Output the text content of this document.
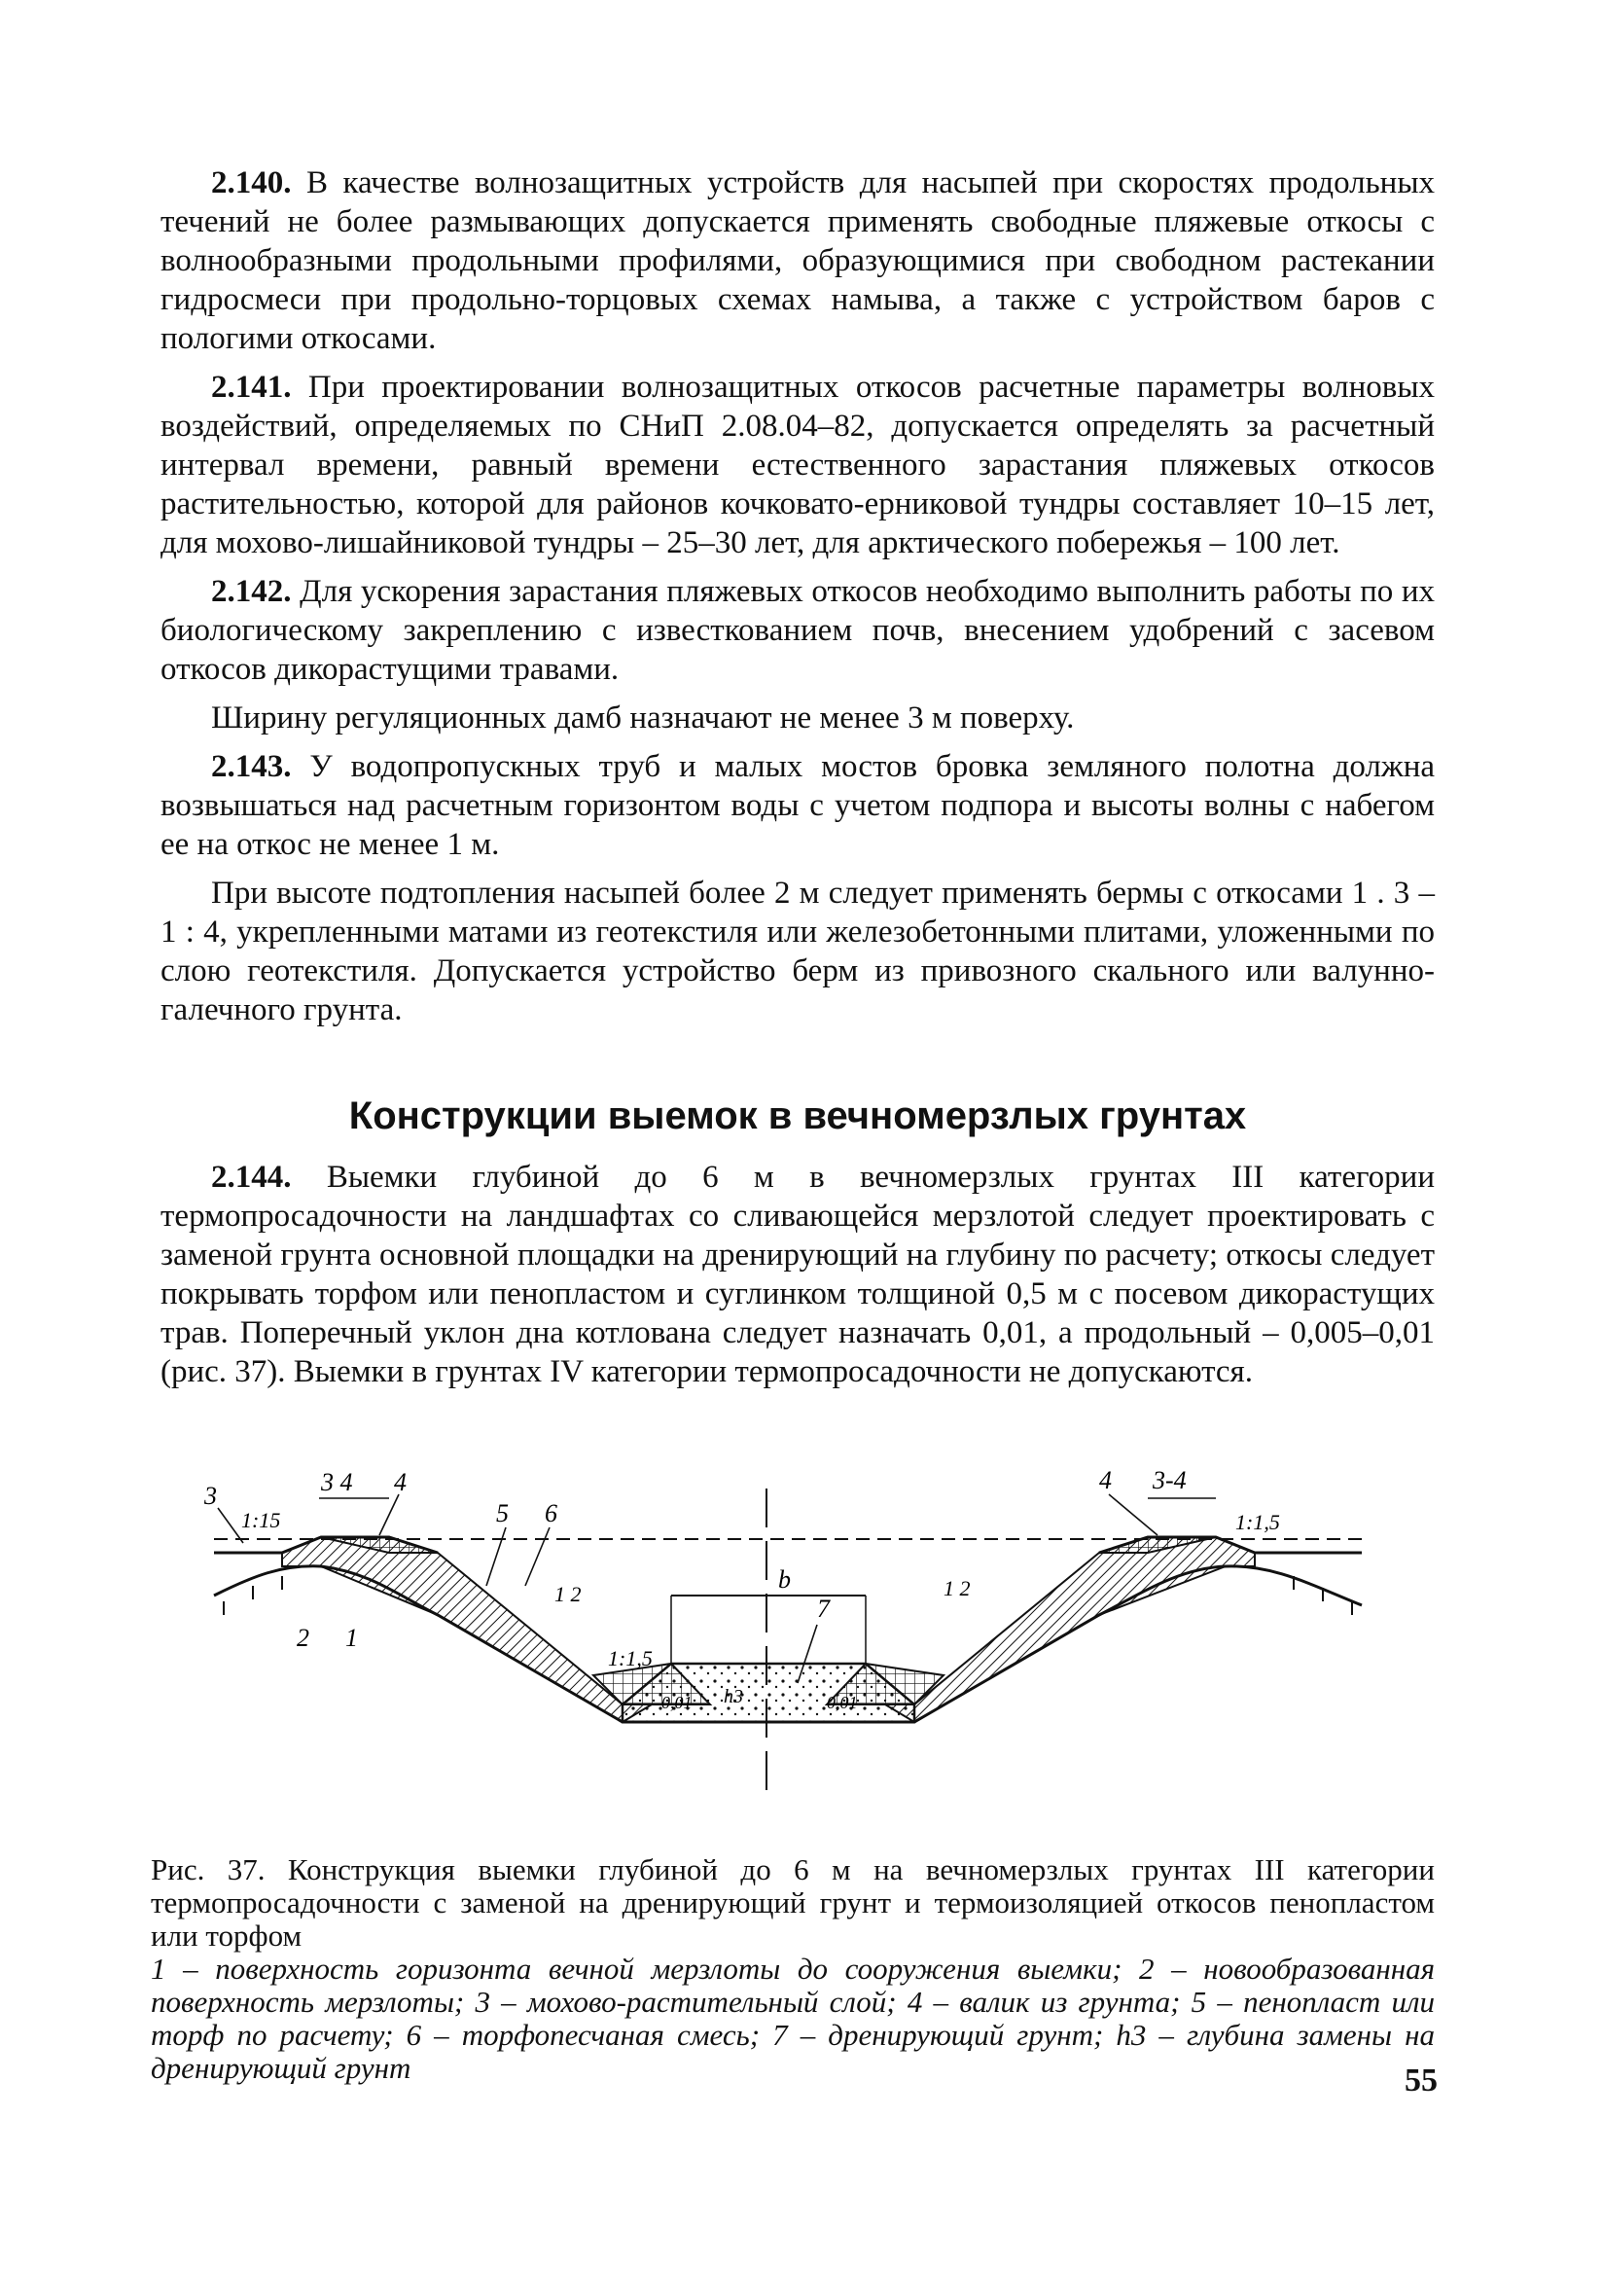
2.140. В качестве волнозащитных устройств для насыпей при скоростях продольных течений не более размывающих допускается применять свободные пляжевые откосы с волнообразными продольными профилями, образующимися при свободном растекании гидросмеси при продольно-торцовых схемах намыва, а также с устройством баров с пологими откосами.

2.141. При проектировании волнозащитных откосов расчетные параметры волновых воздействий, определяемых по СНиП 2.08.04–82, допускается определять за расчетный интервал времени, равный времени естественного зарастания пляжевых откосов растительностью, которой для районов кочковато-ерниковой тундры составляет 10–15 лет, для мохово-лишайниковой тундры – 25–30 лет, для арктического побережья – 100 лет.

2.142. Для ускорения зарастания пляжевых откосов необходимо выполнить работы по их биологическому закреплению с известкованием почв, внесением удобрений с засевом откосов дикорастущими травами.

Ширину регуляционных дамб назначают не менее 3 м поверху.

2.143. У водопропускных труб и малых мостов бровка земляного полотна должна возвышаться над расчетным горизонтом воды с учетом подпора и высоты волны с набегом ее на откос не менее 1 м.

При высоте подтопления насыпей более 2 м следует применять бермы с откосами 1 . 3 – 1 : 4, укрепленными матами из геотекстиля или железобетонными плитами, уложенными по слою геотекстиля. Допускается устройство берм из привозного скального или валунно-галечного грунта.

Конструкции выемок в вечномерзлых грунтах

2.144. Выемки глубиной до 6 м в вечномерзлых грунтах III категории термопросадочности на ландшафтах со сливающейся мерзлотой следует проектировать с заменой грунта основной площадки на дренирующий на глубину по расчету; откосы следует покрывать торфом или пенопластом и суглинком толщиной 0,5 м с посевом дикорастущих трав. Поперечный уклон дна котлована следует назначать 0,01, а продольный – 0,005–0,01 (рис. 37). Выемки в грунтах IV категории термопросадочности не допускаются.

3	3 4 4
1:15	5 6
1 2
2 1
1:1,5
0,01 h3
b
7
0,01
1 2
4 3-4
1:1,5

Рис. 37. Конструкция выемки глубиной до 6 м на вечномерзлых грунтах III категории термопросадочности с заменой на дренирующий грунт и термоизоляцией откосов пенопластом или торфом

1 – поверхность горизонта вечной мерзлоты до сооружения выемки; 2 – новообразованная поверхность мерзлоты; 3 – мохово-растительный слой; 4 – валик из грунта; 5 – пенопласт или торф по расчету; 6 – торфопесчаная смесь; 7 – дренирующий грунт; h3 – глубина замены на дренирующий грунт	55
